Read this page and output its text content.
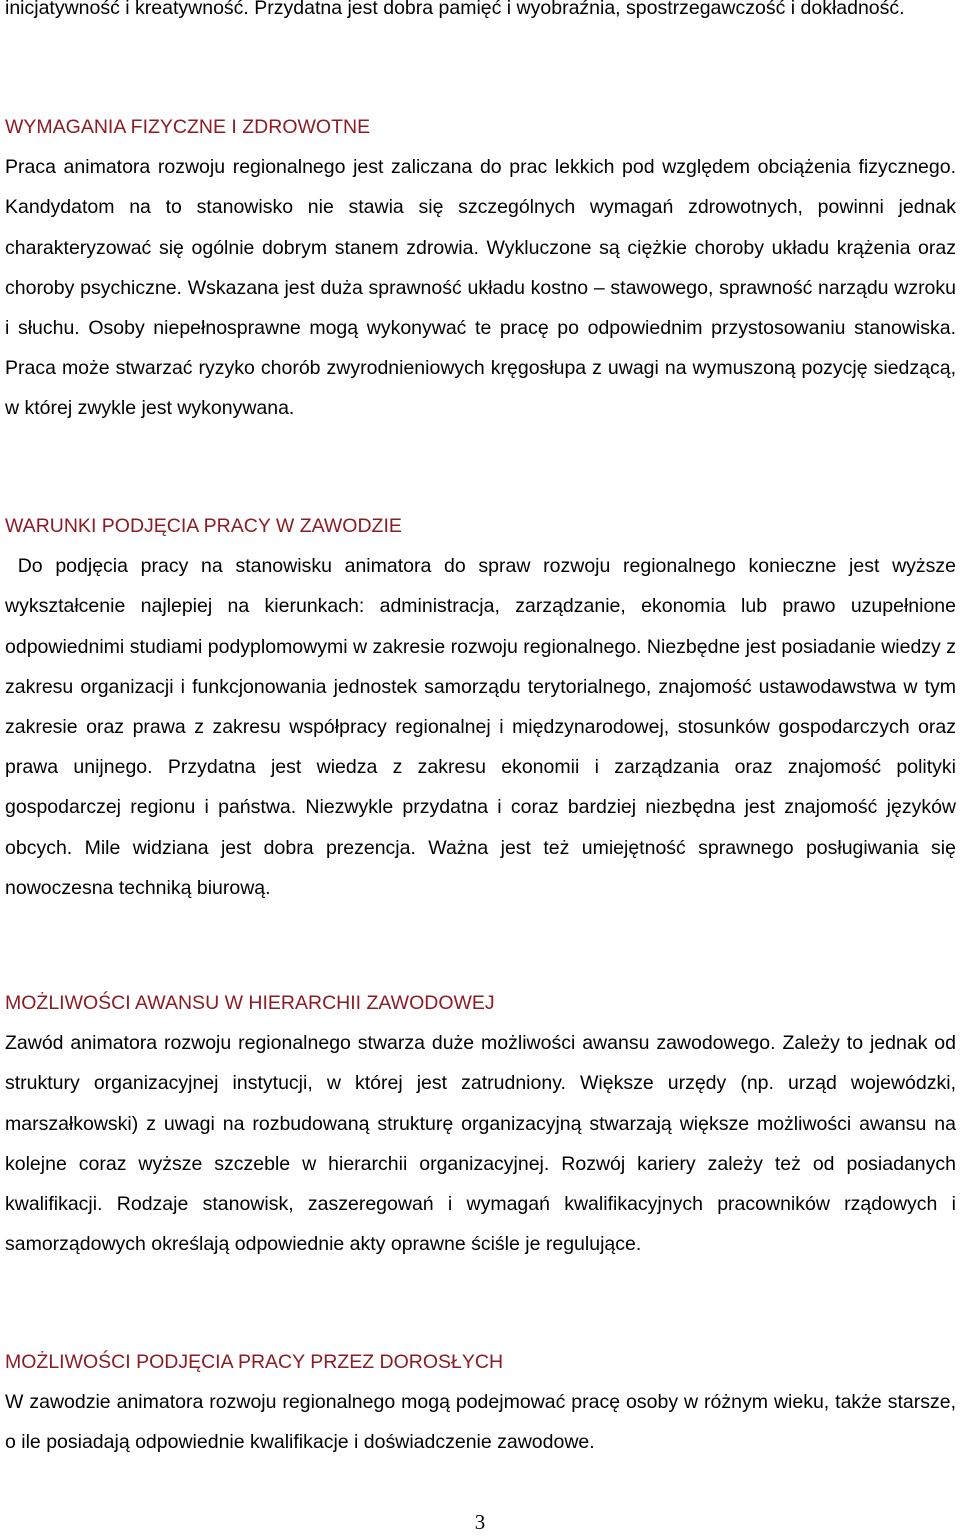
inicjatywność i kreatywność. Przydatna jest dobra pamięć i wyobraźnia, spostrzegawczość i dokładność.

WYMAGANIA FIZYCZNE I ZDROWOTNE

Praca animatora rozwoju regionalnego jest zaliczana do prac lekkich pod względem obciążenia fizycznego. Kandydatom na to stanowisko nie stawia się szczególnych wymagań zdrowotnych, powinni jednak charakteryzować się ogólnie dobrym stanem zdrowia. Wykluczone są ciężkie choroby układu krążenia oraz choroby psychiczne. Wskazana jest duża sprawność układu kostno – stawowego, sprawność narządu wzroku i słuchu. Osoby niepełnosprawne mogą wykonywać te pracę po odpowiednim przystosowaniu stanowiska. Praca może stwarzać ryzyko chorób zwyrodnieniowych kręgosłupa z uwagi na wymuszoną pozycję siedzącą, w której zwykle jest wykonywana.

WARUNKI PODJĘCIA PRACY W ZAWODZIE

Do podjęcia pracy na stanowisku animatora do spraw rozwoju regionalnego konieczne jest wyższe wykształcenie najlepiej na kierunkach: administracja, zarządzanie, ekonomia lub prawo uzupełnione odpowiednimi studiami podyplomowymi w zakresie rozwoju regionalnego. Niezbędne jest posiadanie wiedzy z zakresu organizacji i funkcjonowania jednostek samorządu terytorialnego, znajomość ustawodawstwa w tym zakresie oraz prawa z zakresu współpracy regionalnej i międzynarodowej, stosunków gospodarczych oraz prawa unijnego. Przydatna jest wiedza z zakresu ekonomii i zarządzania oraz znajomość polityki gospodarczej regionu i państwa. Niezwykle przydatna i coraz bardziej niezbędna jest znajomość języków obcych. Mile widziana jest dobra prezencja. Ważna jest też umiejętność sprawnego posługiwania się nowoczesna techniką biurową.

MOŻLIWOŚCI AWANSU W HIERARCHII ZAWODOWEJ

Zawód animatora rozwoju regionalnego stwarza duże możliwości awansu zawodowego. Zależy to jednak od struktury organizacyjnej instytucji, w której jest zatrudniony. Większe urzędy (np. urząd wojewódzki, marszałkowski) z uwagi na rozbudowaną strukturę organizacyjną stwarzają większe możliwości awansu na kolejne coraz wyższe szczeble w hierarchii organizacyjnej. Rozwój kariery zależy też od posiadanych kwalifikacji. Rodzaje stanowisk, zaszeregowań i wymagań kwalifikacyjnych pracowników rządowych i samorządowych określają odpowiednie akty oprawne ściśle je regulujące.

MOŻLIWOŚCI PODJĘCIA PRACY PRZEZ DOROSŁYCH

W zawodzie animatora rozwoju regionalnego mogą podejmować pracę osoby w różnym wieku, także starsze, o ile posiadają odpowiednie kwalifikacje i doświadczenie zawodowe.

3
